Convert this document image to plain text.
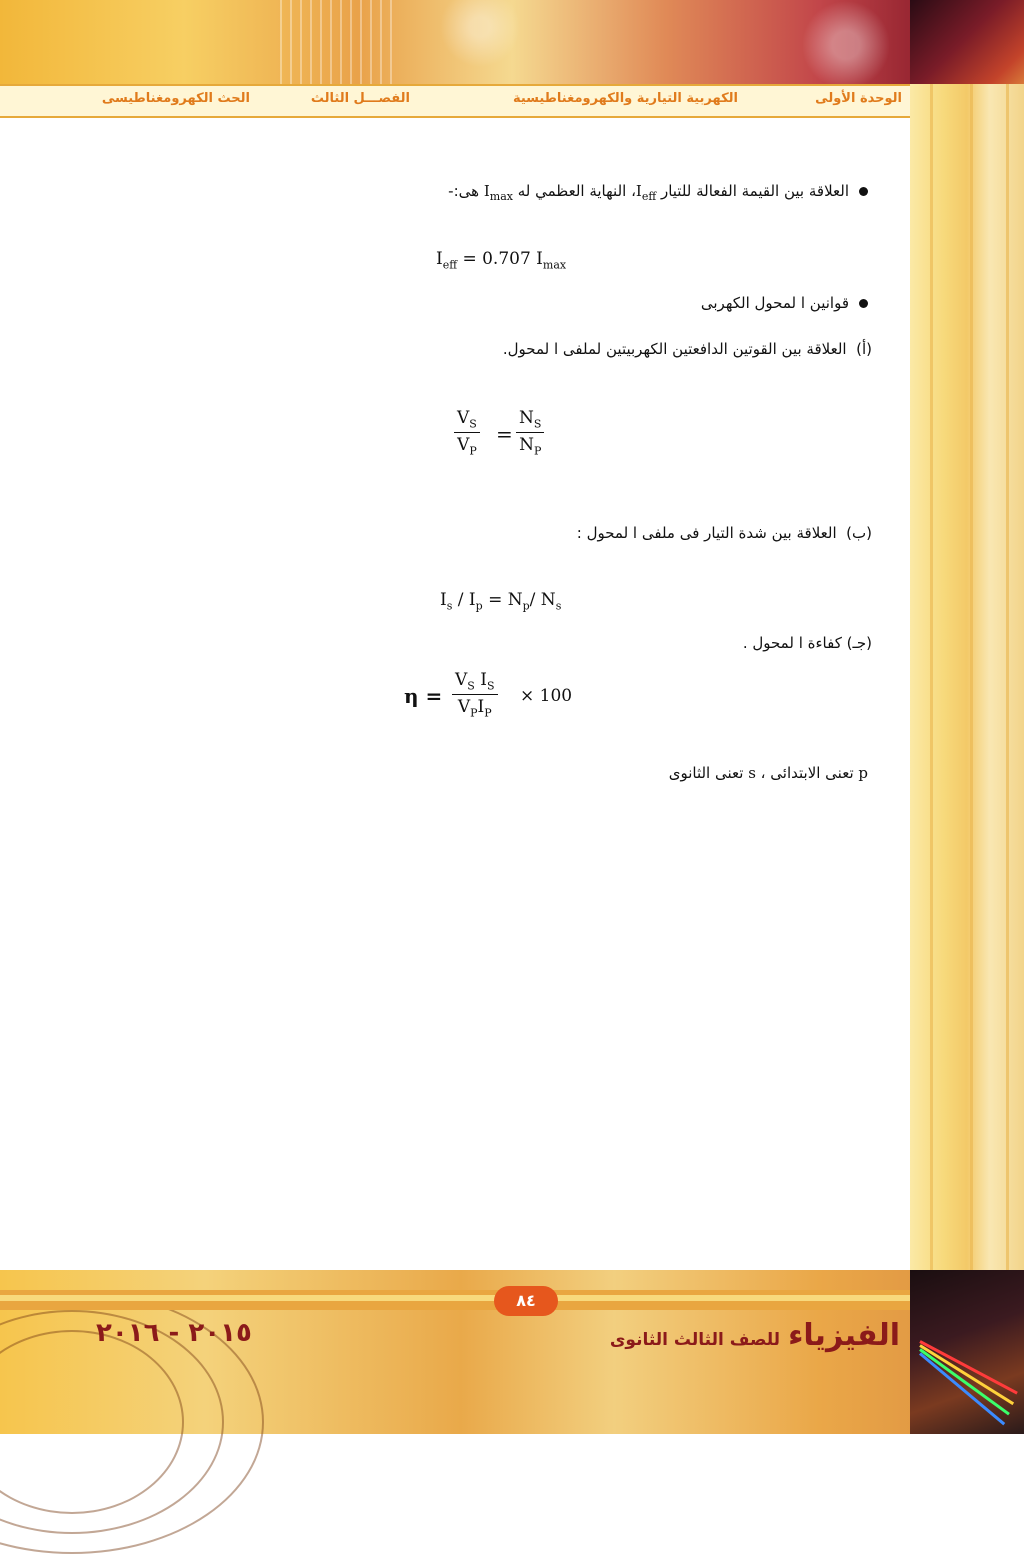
الوحدة الأولى
الكهربية التيارية والكهرومغناطيسية
الفصـــل الثالث
الحث الكهرومغناطيسى
العلاقة بين القيمة الفعالة للتيار $I_{eff}،$ النهاية العظمي له $I_{max}$ هى:-
$I_{eff} = 0.707$ $I_{max}$
قوانين ا لمحول الكهربى
(أ)  العلاقة بين القوتين الدافعتين الكهربيتين لملفى ا لمحول.
$V_S$
$V_P$
=
$N_S$
$N_P$
(ب)  العلاقة بين شدة التيار فى ملفى ا لمحول :
$I_s / I_p = N_p/$ $N_s$
(جـ) كفاءة ا لمحول .
η =
$V_S$ $I_S$
$V_PI_P$
× 100
p تعنى الابتدائى ، s تعنى الثانوى
٨٤
الفيزياءللصف الثالث الثانوى
٢٠١٥ - ٢٠١٦
